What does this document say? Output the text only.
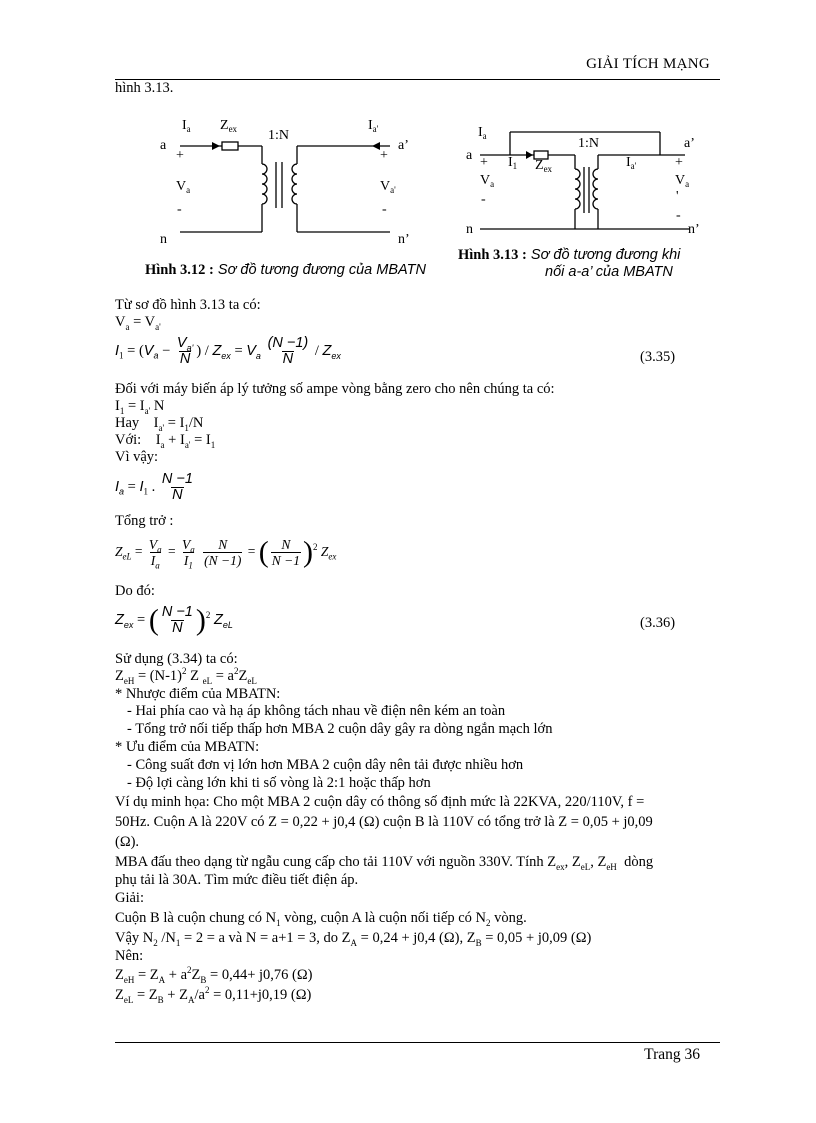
GIẢI TÍCH MẠNG
hình 3.13.
$I_a$ $Z_{ex}$ 1:N
$I_{a'}$
a	a’
+	+
$V_a$	$V_{a'}$
-	-
n	n’
Hình 3.12 : Sơ đồ tương đương của MBATN
$I_a$	1:N	a’
$a + I_1$ $Z_{ex}$	$I_{a'}$	+
$V_a$	$V_a$
-	'
-
n	n’
Hình 3.13 : Sơ đồ tương đương khi
nối a-a’ của MBATN
Từ sơ đồ hình 3.13 ta có:
$V_a = V_{a'}$
$I_1 = (V_a - \frac{V_{a'}}{N}$ ) / $Z_{ex} = V_a \frac{(N -1)}{N} / Z_{ex}$	(3.35)
Đối với máy biến áp lý tưởng số ampe vòng bằng zero cho nên chúng ta có:
$I_1 = I_{a'}$ N
Hay    $I_{a'} = I_1/N$
Với:    $I_a + I_{a'} = I_1$
Vì vậy:
$I_a = I_1$ . $\frac{N -1}{N}$
Tổng trở :
$Z_{eL} = \frac{V_a}{I_a} = \frac{V_a}{I_1}$
$\frac{N}{(N -1)}$ = ( $\frac{N}{N -1} )^2$ $Z_{ex}$
Do đó:
$Z_{ex}$ = ( $\frac{N -1}{N} )^2$ $Z_{eL}$	(3.36)
Sử dụng (3.34) ta có:
$Z_{eH} = (N-1)^2$ Z $_{eL} = a^2Z_{eL}$
* Nhược điểm của MBATN:
- Hai phía cao và hạ áp không tách nhau về điện nên kém an toàn
- Tổng trở nối tiếp thấp hơn MBA 2 cuộn dây gây ra dòng ngắn mạch lớn
* Ưu điểm của MBATN:
- Công suất đơn vị lớn hơn MBA 2 cuộn dây nên tải được nhiều hơn
- Độ lợi càng lớn khi ti số vòng là 2:1 hoặc thấp hơn
Ví dụ minh họa: Cho một MBA 2 cuộn dây có thông số định mức là 22KVA, 220/110V, f =
50Hz. Cuộn A là 220V có Z = 0,22 + j0,4 (Ω) cuộn B là 110V có tổng trở là Z = 0,05 + j0,09
(Ω).
MBA đấu theo dạng từ ngẫu cung cấp cho tải 110V với nguồn 330V. Tính $Z_{ex}$, $Z_{eL}$, $Z_{eH}$  dòng
phụ tải là 30A. Tìm mức điều tiết điện áp.
Giải:
Cuộn B là cuộn chung có $N_1$ vòng, cuộn A là cuộn nối tiếp có $N_2$ vòng.
Vậy $N_2$ $/N_1 = 2 = a$ và N = a+1 = 3, do $Z_A = 0,24 + j0,4$ (Ω), $Z_B = 0,05 + j0,09$ (Ω)
Nên:
$Z_{eH} = Z_A + a^2Z_B = 0,44+ j0,76$ (Ω)
$Z_{eL} = Z_B + Z_A/a^2 = 0,11+j0,19$ (Ω)
Trang 36
